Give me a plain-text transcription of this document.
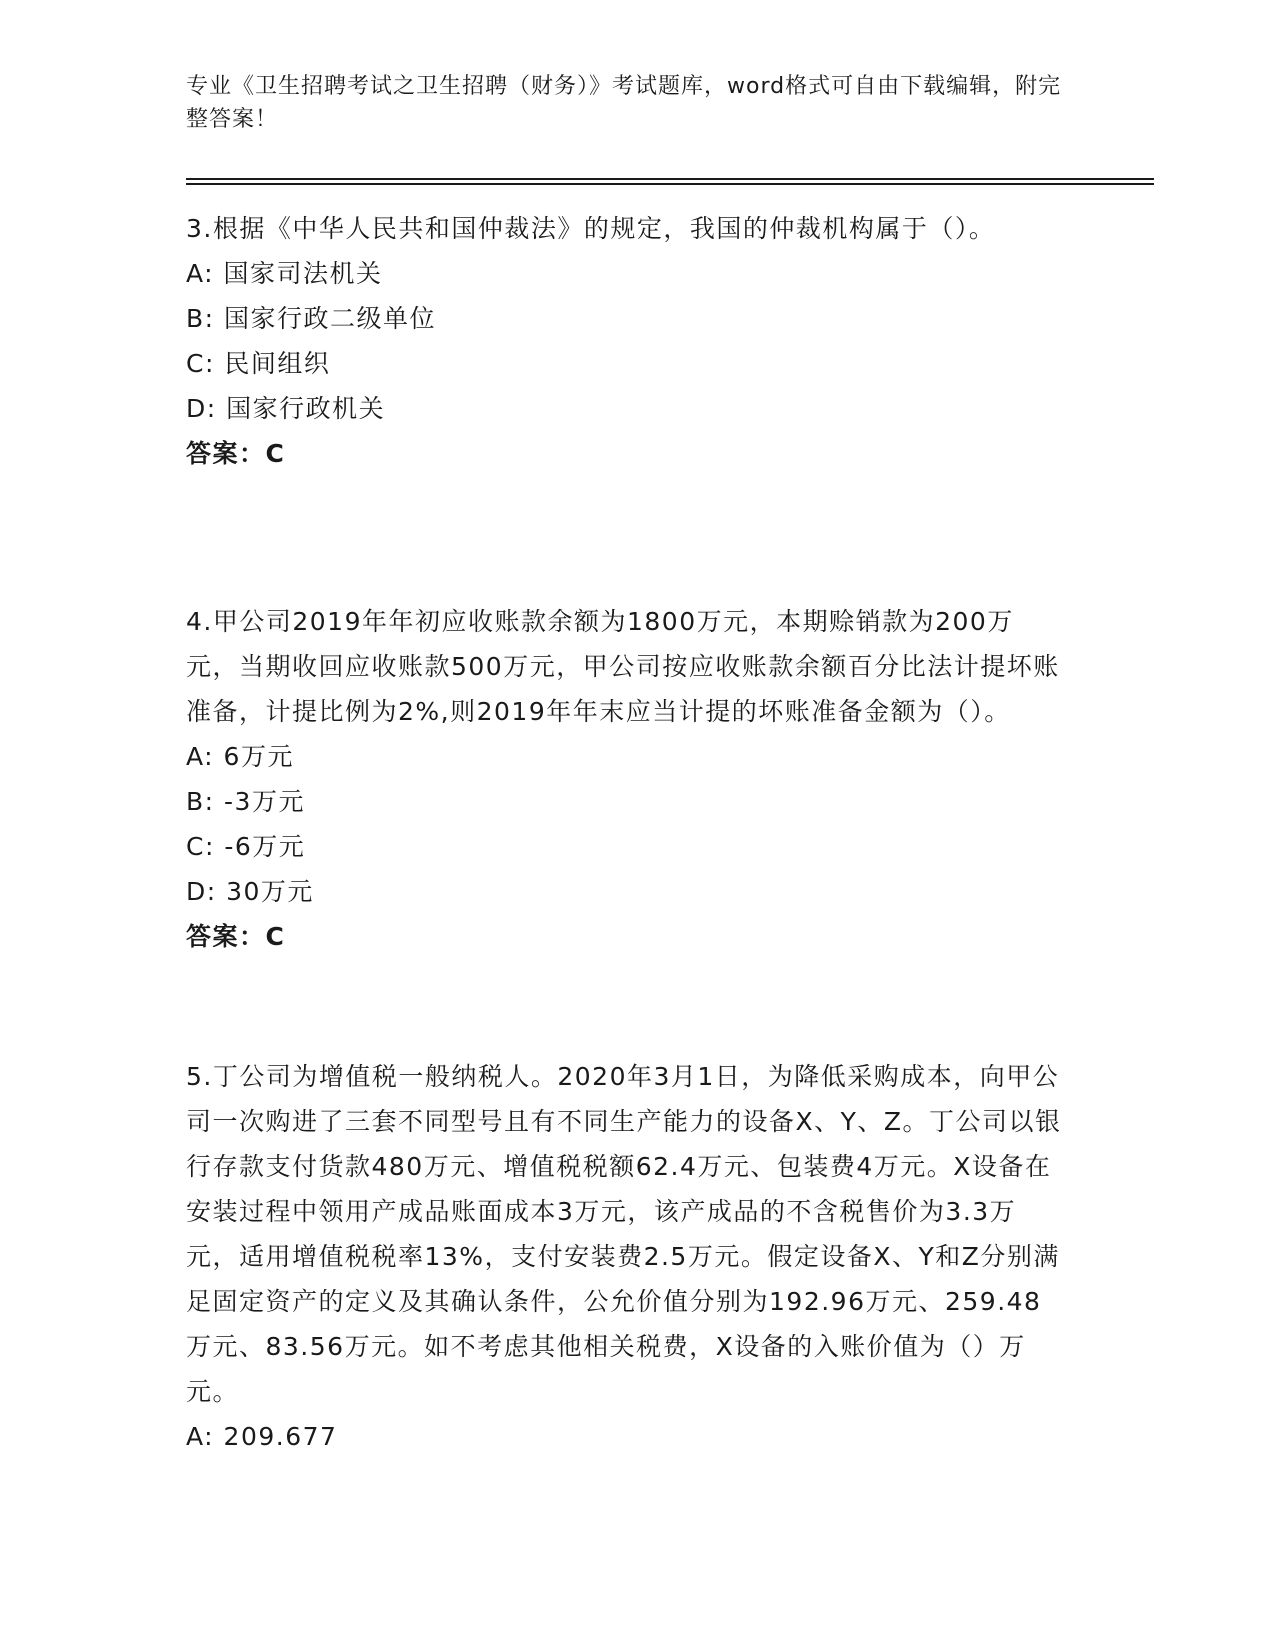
专业《卫生招聘考试之卫生招聘（财务）》考试题库，word格式可自由下载编辑，附完整答案！

3.根据《中华人民共和国仲裁法》的规定，我国的仲裁机构属于（）。

A: 国家司法机关

B: 国家行政二级单位

C: 民间组织

D: 国家行政机关

答案：C

4.甲公司2019年年初应收账款余额为1800万元，本期赊销款为200万元，当期收回应收账款500万元，甲公司按应收账款余额百分比法计提坏账准备，计提比例为2%,则2019年年末应当计提的坏账准备金额为（）。

A: 6万元

B: -3万元

C: -6万元

D: 30万元

答案：C

5.丁公司为增值税一般纳税人。2020年3月1日，为降低采购成本，向甲公司一次购进了三套不同型号且有不同生产能力的设备X、Y、Z。丁公司以银行存款支付货款480万元、增值税税额62.4万元、包装费4万元。X设备在安装过程中领用产成品账面成本3万元，该产成品的不含税售价为3.3万元，适用增值税税率13%，支付安装费2.5万元。假定设备X、Y和Z分别满足固定资产的定义及其确认条件，公允价值分别为192.96万元、259.48万元、83.56万元。如不考虑其他相关税费，X设备的入账价值为（）万元。

A: 209.677
